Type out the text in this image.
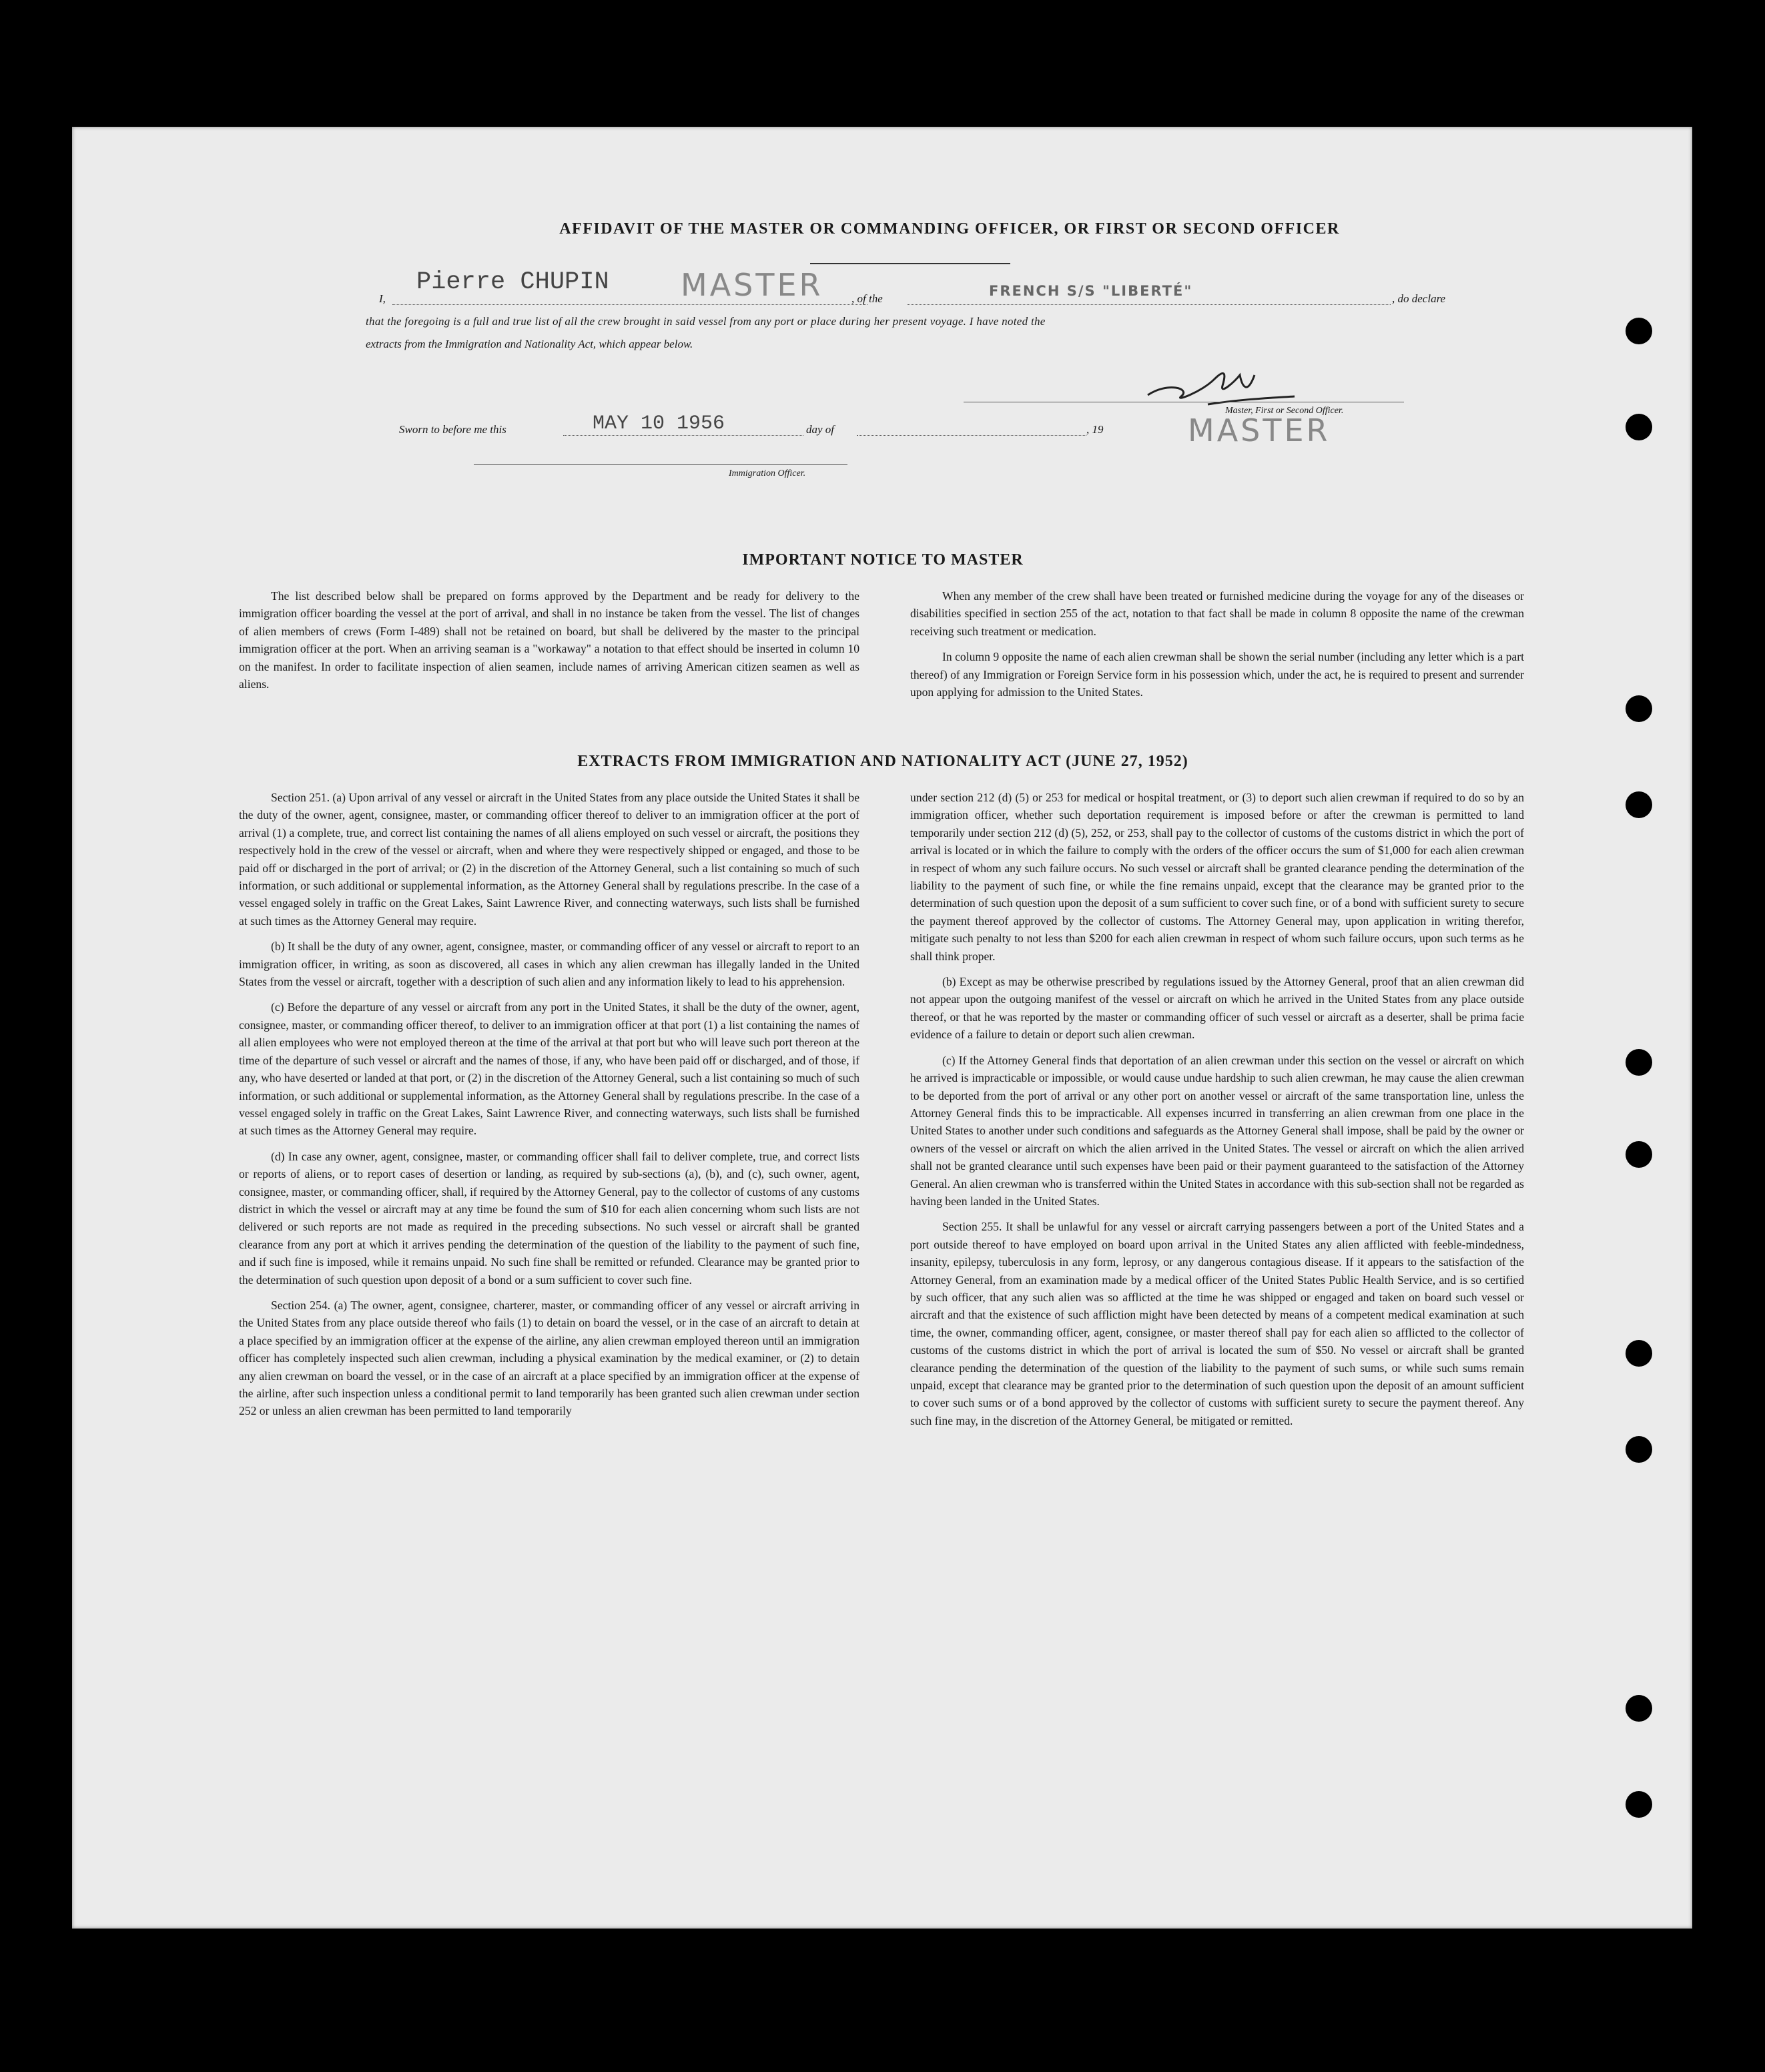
AFFIDAVIT OF THE MASTER OR COMMANDING OFFICER, OR FIRST OR SECOND OFFICER
I,
Pierre CHUPIN MASTER	, of the	FRENCH S/S "LIBERTÉ"	, do declare
that the foregoing is a full and true list of all the crew brought in said vessel from any port or place during her present voyage. I have noted the
extracts from the Immigration and Nationality Act, which appear below.
Master, First or Second Officer.
Sworn to before me this	MAY 10 1956	day of	, 19	MASTER
Immigration Officer.
IMPORTANT NOTICE TO MASTER

The list described below shall be prepared on forms approved by the Department and be ready for delivery to the immigration officer boarding the vessel at the port of arrival, and shall in no instance be taken from the vessel. The list of changes of alien members of crews (Form I-489) shall not be retained on board, but shall be delivered by the master to the principal immigration officer at the port. When an arriving seaman is a "workaway" a notation to that effect should be inserted in column 10 on the manifest. In order to facilitate inspection of alien seamen, include names of arriving American citizen seamen as well as aliens.

When any member of the crew shall have been treated or furnished medicine during the voyage for any of the diseases or disabilities specified in section 255 of the act, notation to that fact shall be made in column 8 opposite the name of the crewman receiving such treatment or medication.

In column 9 opposite the name of each alien crewman shall be shown the serial number (including any letter which is a part thereof) of any Immigration or Foreign Service form in his possession which, under the act, he is required to present and surrender upon applying for admission to the United States.

EXTRACTS FROM IMMIGRATION AND NATIONALITY ACT (JUNE 27, 1952)

Section 251. (a) Upon arrival of any vessel or aircraft in the United States from any place outside the United States it shall be the duty of the owner, agent, consignee, master, or commanding officer thereof to deliver to an immigration officer at the port of arrival (1) a complete, true, and correct list containing the names of all aliens employed on such vessel or aircraft, the positions they respectively hold in the crew of the vessel or aircraft, when and where they were respectively shipped or engaged, and those to be paid off or discharged in the port of arrival; or (2) in the discretion of the Attorney General, such a list containing so much of such information, or such additional or supplemental information, as the Attorney General shall by regulations prescribe. In the case of a vessel engaged solely in traffic on the Great Lakes, Saint Lawrence River, and connecting waterways, such lists shall be furnished at such times as the Attorney General may require.

(b) It shall be the duty of any owner, agent, consignee, master, or commanding officer of any vessel or aircraft to report to an immigration officer, in writing, as soon as discovered, all cases in which any alien crewman has illegally landed in the United States from the vessel or aircraft, together with a description of such alien and any information likely to lead to his apprehension.

(c) Before the departure of any vessel or aircraft from any port in the United States, it shall be the duty of the owner, agent, consignee, master, or commanding officer thereof, to deliver to an immigration officer at that port (1) a list containing the names of all alien employees who were not employed thereon at the time of the arrival at that port but who will leave such port thereon at the time of the departure of such vessel or aircraft and the names of those, if any, who have been paid off or discharged, and of those, if any, who have deserted or landed at that port, or (2) in the discretion of the Attorney General, such a list containing so much of such information, or such additional or supplemental information, as the Attorney General shall by regulations prescribe. In the case of a vessel engaged solely in traffic on the Great Lakes, Saint Lawrence River, and connecting waterways, such lists shall be furnished at such times as the Attorney General may require.

(d) In case any owner, agent, consignee, master, or commanding officer shall fail to deliver complete, true, and correct lists or reports of aliens, or to report cases of desertion or landing, as required by sub-sections (a), (b), and (c), such owner, agent, consignee, master, or commanding officer, shall, if required by the Attorney General, pay to the collector of customs of any customs district in which the vessel or aircraft may at any time be found the sum of $10 for each alien concerning whom such lists are not delivered or such reports are not made as required in the preceding subsections. No such vessel or aircraft shall be granted clearance from any port at which it arrives pending the determination of the question of the liability to the payment of such fine, and if such fine is imposed, while it remains unpaid. No such fine shall be remitted or refunded. Clearance may be granted prior to the determination of such question upon deposit of a bond or a sum sufficient to cover such fine.

Section 254. (a) The owner, agent, consignee, charterer, master, or commanding officer of any vessel or aircraft arriving in the United States from any place outside thereof who fails (1) to detain on board the vessel, or in the case of an aircraft to detain at a place specified by an immigration officer at the expense of the airline, any alien crewman employed thereon until an immigration officer has completely inspected such alien crewman, including a physical examination by the medical examiner, or (2) to detain any alien crewman on board the vessel, or in the case of an aircraft at a place specified by an immigration officer at the expense of the airline, after such inspection unless a conditional permit to land temporarily has been granted such alien crewman under section 252 or unless an alien crewman has been permitted to land temporarily

under section 212 (d) (5) or 253 for medical or hospital treatment, or (3) to deport such alien crewman if required to do so by an immigration officer, whether such deportation requirement is imposed before or after the crewman is permitted to land temporarily under section 212 (d) (5), 252, or 253, shall pay to the collector of customs of the customs district in which the port of arrival is located or in which the failure to comply with the orders of the officer occurs the sum of $1,000 for each alien crewman in respect of whom any such failure occurs. No such vessel or aircraft shall be granted clearance pending the determination of the liability to the payment of such fine, or while the fine remains unpaid, except that the clearance may be granted prior to the determination of such question upon the deposit of a sum sufficient to cover such fine, or of a bond with sufficient surety to secure the payment thereof approved by the collector of customs. The Attorney General may, upon application in writing therefor, mitigate such penalty to not less than $200 for each alien crewman in respect of whom such failure occurs, upon such terms as he shall think proper.

(b) Except as may be otherwise prescribed by regulations issued by the Attorney General, proof that an alien crewman did not appear upon the outgoing manifest of the vessel or aircraft on which he arrived in the United States from any place outside thereof, or that he was reported by the master or commanding officer of such vessel or aircraft as a deserter, shall be prima facie evidence of a failure to detain or deport such alien crewman.

(c) If the Attorney General finds that deportation of an alien crewman under this section on the vessel or aircraft on which he arrived is impracticable or impossible, or would cause undue hardship to such alien crewman, he may cause the alien crewman to be deported from the port of arrival or any other port on another vessel or aircraft of the same transportation line, unless the Attorney General finds this to be impracticable. All expenses incurred in transferring an alien crewman from one place in the United States to another under such conditions and safeguards as the Attorney General shall impose, shall be paid by the owner or owners of the vessel or aircraft on which the alien arrived in the United States. The vessel or aircraft on which the alien arrived shall not be granted clearance until such expenses have been paid or their payment guaranteed to the satisfaction of the Attorney General. An alien crewman who is transferred within the United States in accordance with this sub-section shall not be regarded as having been landed in the United States.

Section 255. It shall be unlawful for any vessel or aircraft carrying passengers between a port of the United States and a port outside thereof to have employed on board upon arrival in the United States any alien afflicted with feeble-mindedness, insanity, epilepsy, tuberculosis in any form, leprosy, or any dangerous contagious disease. If it appears to the satisfaction of the Attorney General, from an examination made by a medical officer of the United States Public Health Service, and is so certified by such officer, that any such alien was so afflicted at the time he was shipped or engaged and taken on board such vessel or aircraft and that the existence of such affliction might have been detected by means of a competent medical examination at such time, the owner, commanding officer, agent, consignee, or master thereof shall pay for each alien so afflicted to the collector of customs of the customs district in which the port of arrival is located the sum of $50. No vessel or aircraft shall be granted clearance pending the determination of the question of the liability to the payment of such sums, or while such sums remain unpaid, except that clearance may be granted prior to the determination of such question upon the deposit of an amount sufficient to cover such sums or of a bond approved by the collector of customs with sufficient surety to secure the payment thereof. Any such fine may, in the discretion of the Attorney General, be mitigated or remitted.
